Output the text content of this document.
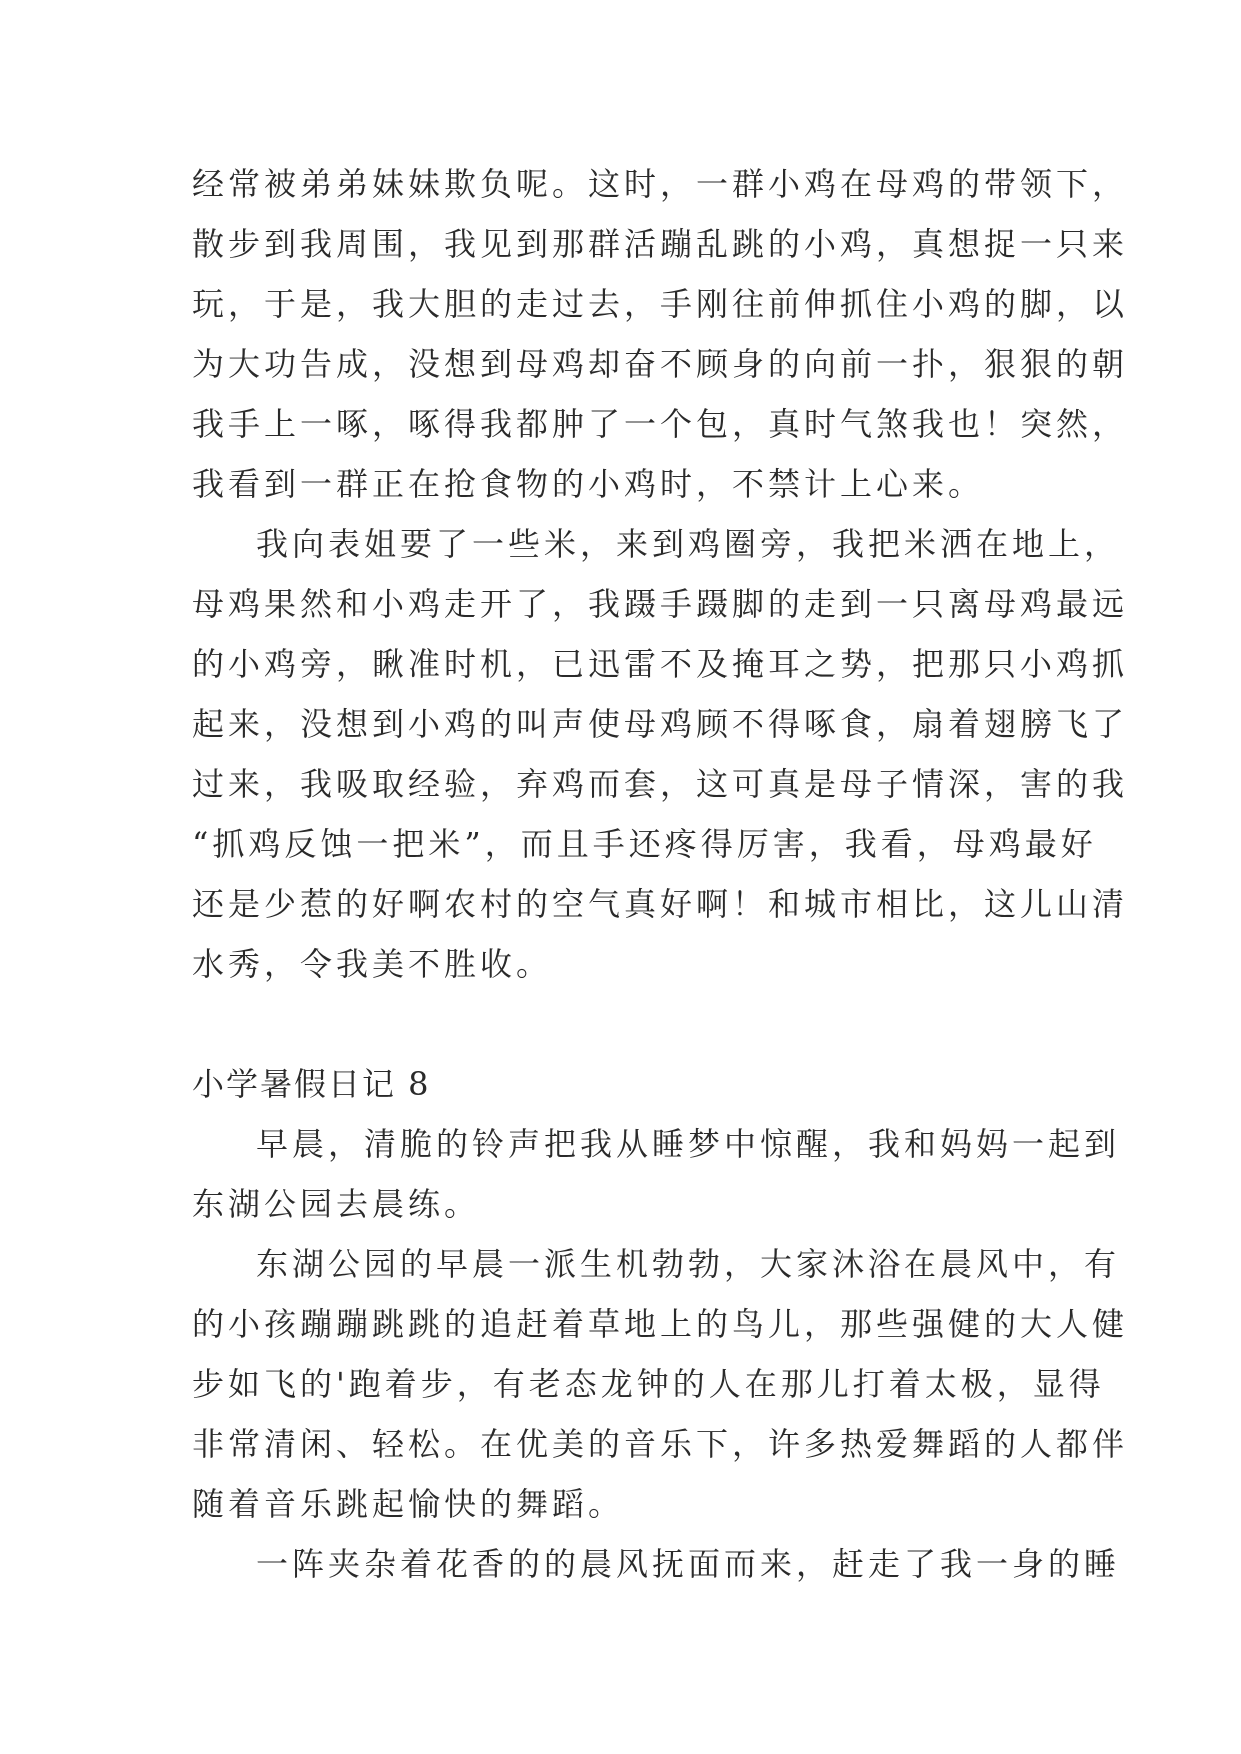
经常被弟弟妹妹欺负呢。这时，一群小鸡在母鸡的带领下，
散步到我周围，我见到那群活蹦乱跳的小鸡，真想捉一只来
玩，于是，我大胆的走过去，手刚往前伸抓住小鸡的脚，以
为大功告成，没想到母鸡却奋不顾身的向前一扑，狠狠的朝
我手上一啄，啄得我都肿了一个包，真时气煞我也！突然，
我看到一群正在抢食物的小鸡时，不禁计上心来。
我向表姐要了一些米，来到鸡圈旁，我把米洒在地上，
母鸡果然和小鸡走开了，我蹑手蹑脚的走到一只离母鸡最远
的小鸡旁，瞅准时机，已迅雷不及掩耳之势，把那只小鸡抓
起来，没想到小鸡的叫声使母鸡顾不得啄食，扇着翅膀飞了
过来，我吸取经验，弃鸡而套，这可真是母子情深，害的我
“抓鸡反蚀一把米”，而且手还疼得厉害，我看，母鸡最好
还是少惹的好啊农村的空气真好啊！和城市相比，这儿山清
水秀，令我美不胜收。
小学暑假日记 8
早晨，清脆的铃声把我从睡梦中惊醒，我和妈妈一起到
东湖公园去晨练。
东湖公园的早晨一派生机勃勃，大家沐浴在晨风中，有
的小孩蹦蹦跳跳的追赶着草地上的鸟儿，那些强健的大人健
步如飞的'跑着步，有老态龙钟的人在那儿打着太极，显得
非常清闲、轻松。在优美的音乐下，许多热爱舞蹈的人都伴
随着音乐跳起愉快的舞蹈。
一阵夹杂着花香的的晨风抚面而来，赶走了我一身的睡
